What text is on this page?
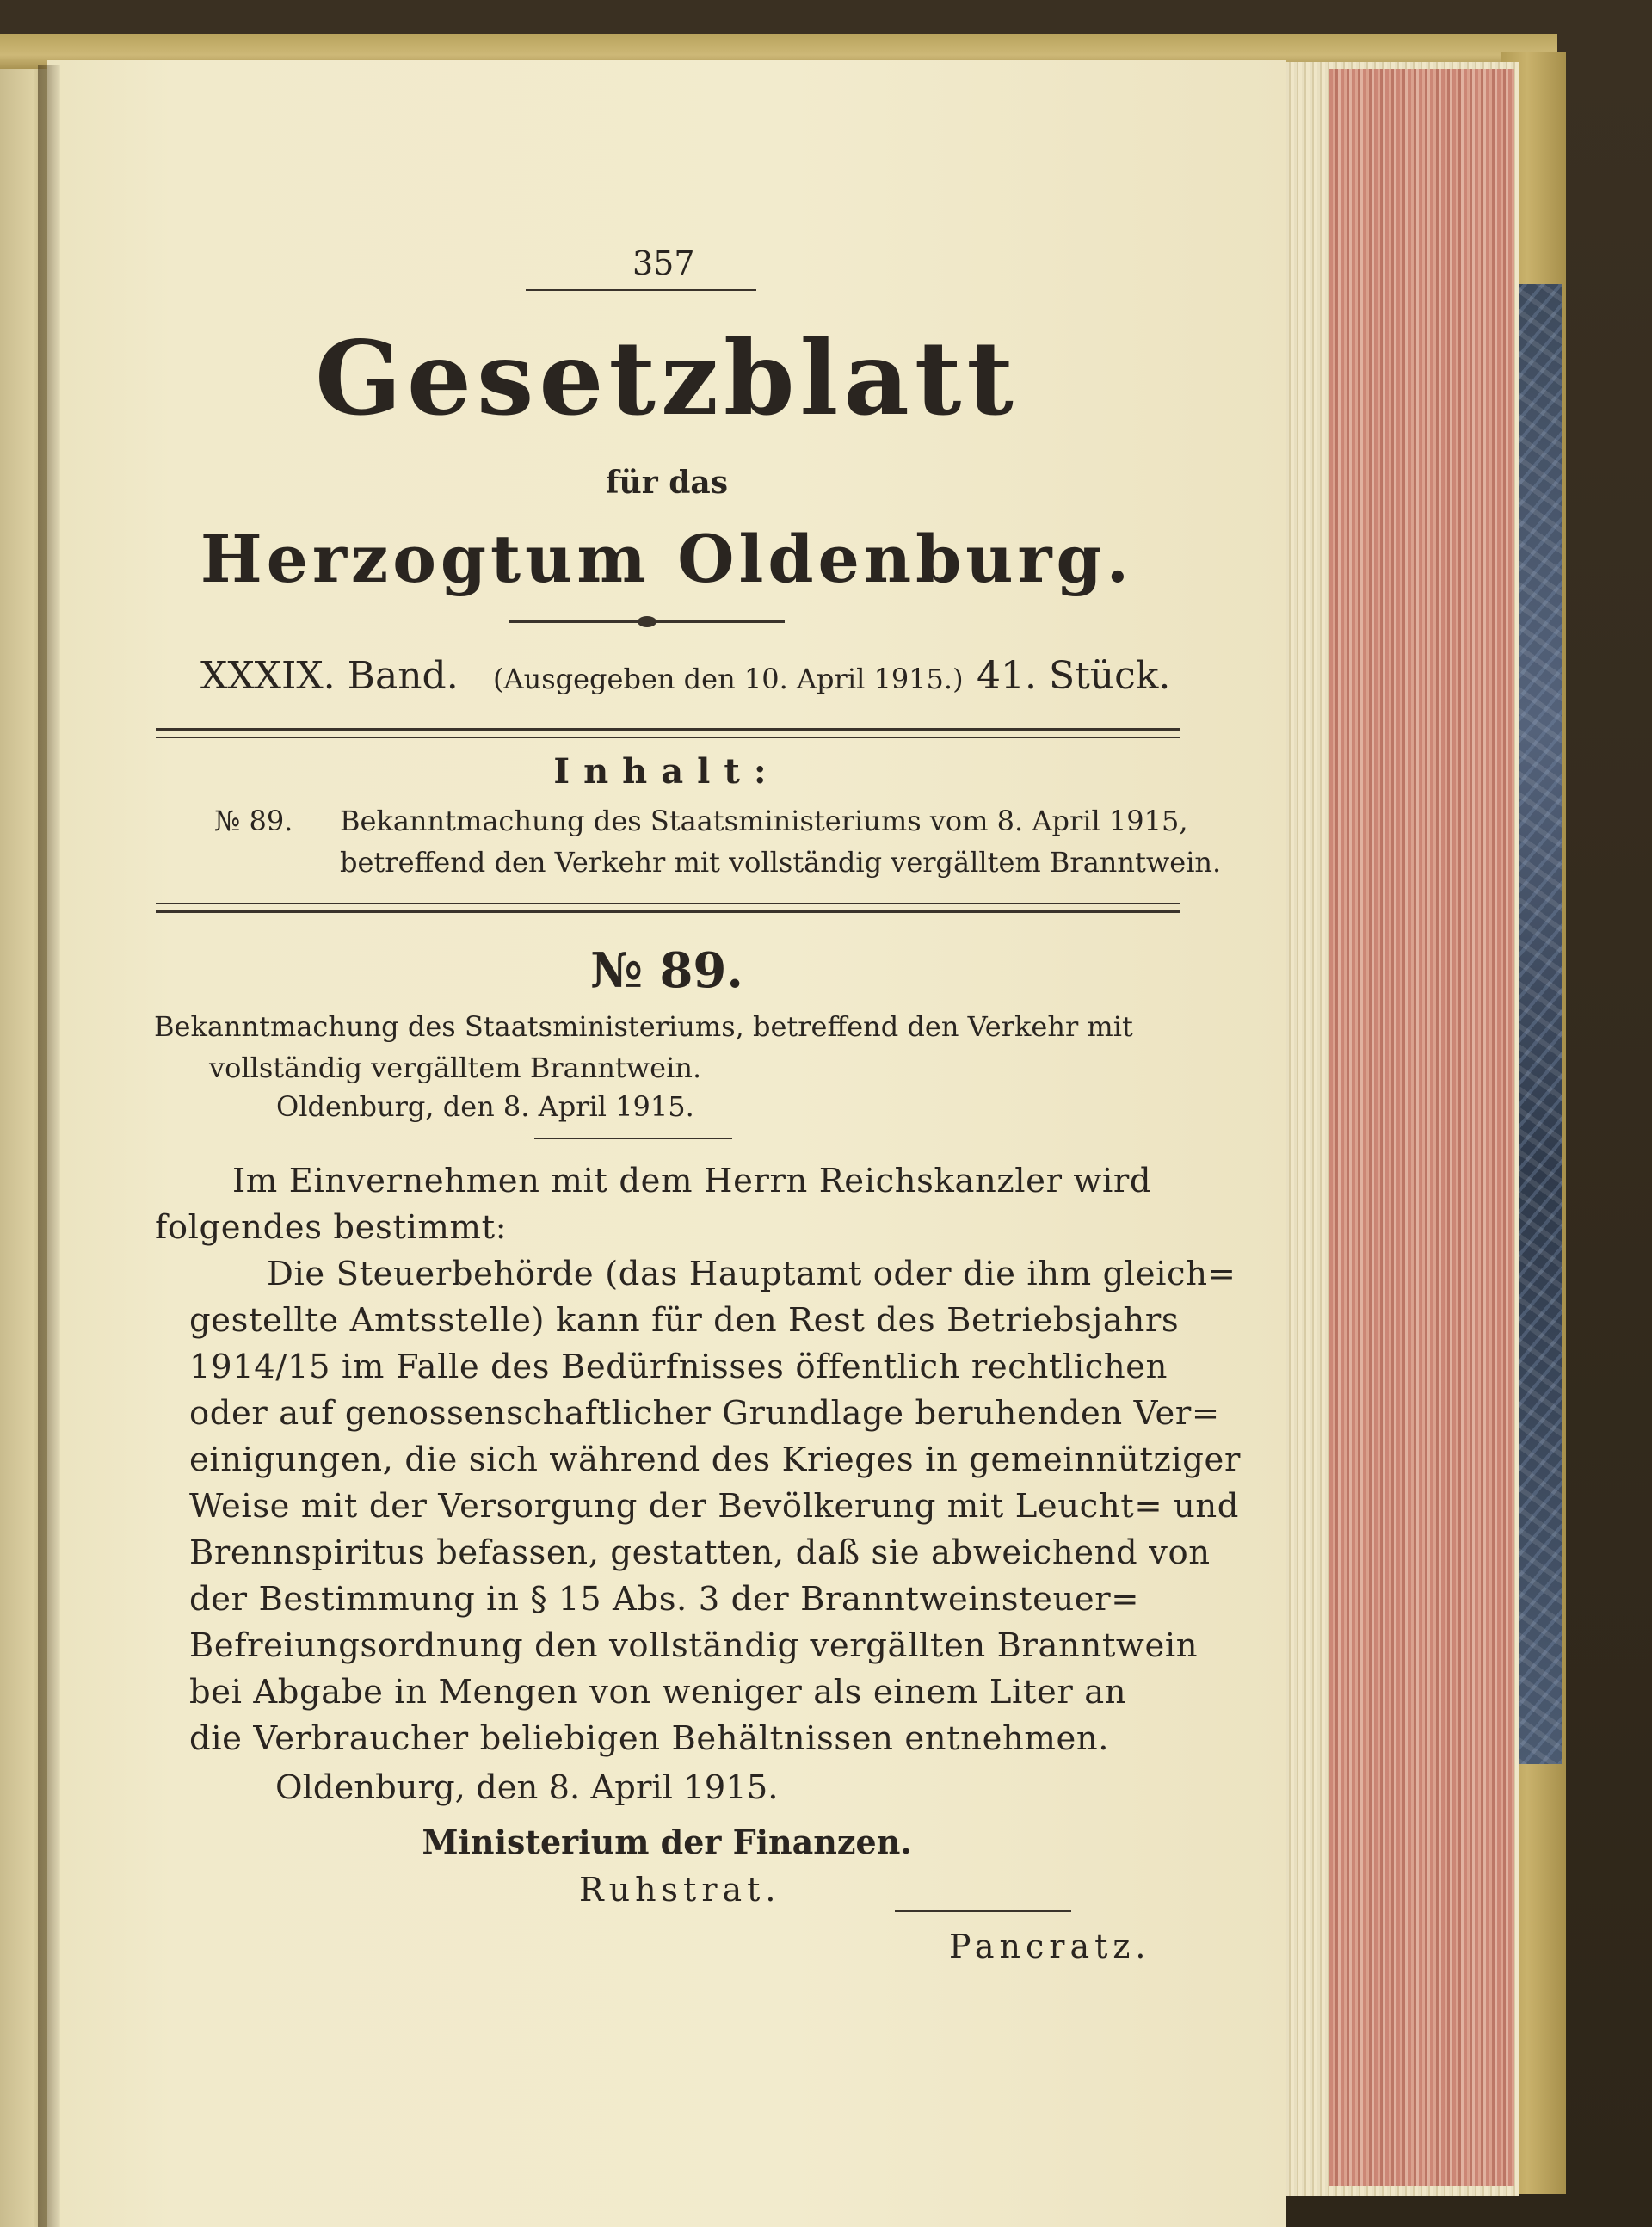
357

Gesetzblatt

für das

Herzogtum Oldenburg.

XXXIX. Band. (Ausgegeben den 10. April 1915.) 41. Stück.

Inhalt:

№ 89. Bekanntmachung des Staatsministeriums vom 8. April 1915,

betreffend den Verkehr mit vollständig vergälltem Branntwein.

№ 89.

Bekanntmachung des Staatsministeriums, betreffend den Verkehr mit

vollständig vergälltem Branntwein.

Oldenburg, den 8. April 1915.

Im Einvernehmen mit dem Herrn Reichskanzler wird

folgendes bestimmt:

Die Steuerbehörde (das Hauptamt oder die ihm gleich=

gestellte Amtsstelle) kann für den Rest des Betriebsjahrs

1914/15 im Falle des Bedürfnisses öffentlich rechtlichen

oder auf genossenschaftlicher Grundlage beruhenden Ver=

einigungen, die sich während des Krieges in gemeinnütziger

Weise mit der Versorgung der Bevölkerung mit Leucht= und

Brennspiritus befassen, gestatten, daß sie abweichend von

der Bestimmung in § 15 Abs. 3 der Branntweinsteuer=

Befreiungsordnung den vollständig vergällten Branntwein

bei Abgabe in Mengen von weniger als einem Liter an

die Verbraucher beliebigen Behältnissen entnehmen.

Oldenburg, den 8. April 1915.

Ministerium der Finanzen.

Ruhstrat.

Pancratz.
